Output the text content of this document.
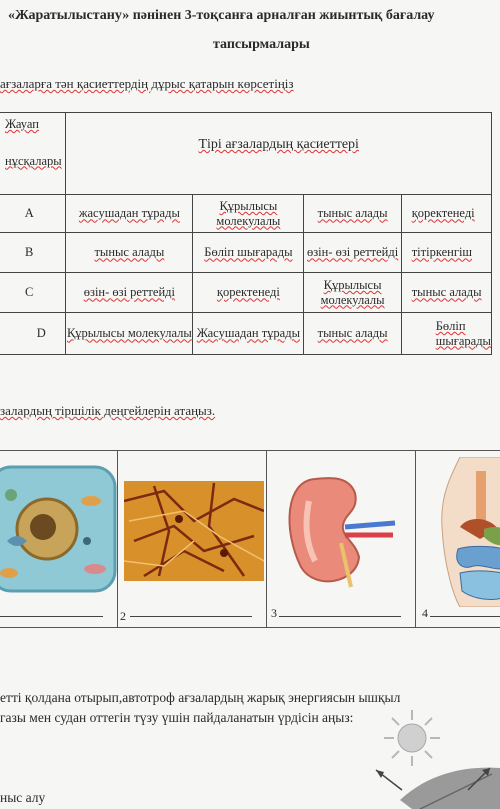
«Жаратылыстану» пәнінен 3-тоқсанға арналған жиынтық бағалау
тапсырмалары
ағзаларға тән қасиеттердің дұрыс қатарын көрсетіңіз
Жауап
нұсқалары	Тірі ағзалардың қасиеттері			
A	жасушадан тұрады	Құрылысы молекулалы	тыныс алады	қоректенеді
B	тыныс алады	Бөліп шығарады	өзін- өзі реттейді	тітіркенгіш
C	өзін- өзі реттейді	қоректенеді	Құрылысы молекулалы	тыныс алады
D	Құрылысы молекулалы	Жасушадан тұрады	тыныс алады	Бөліп шығарады
залардың тіршілік деңгейлерін атаңыз.
2	3	4
етті қолдана отырып,автотроф ағзалардың жарық энергиясын ышқыл газы мен судан оттегін түзу үшін пайдаланатын үрдісін аңыз:
ныс алу
